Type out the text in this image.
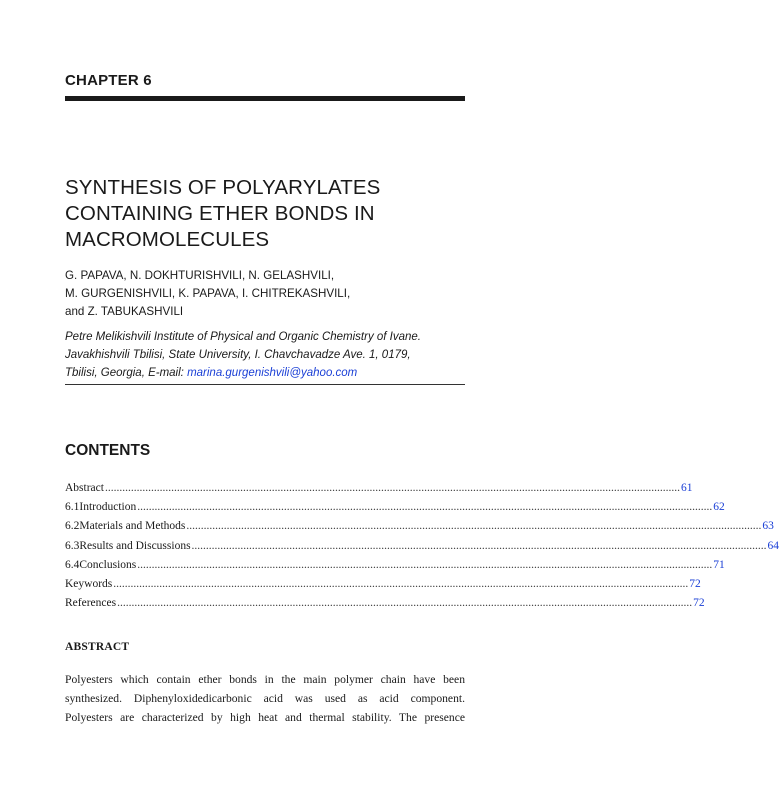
CHAPTER 6
SYNTHESIS OF POLYARYLATES
CONTAINING ETHER BONDS IN
MACROMOLECULES
G. PAPAVA, N. DOKHTURISHVILI, N. GELASHVILI,
M. GURGENISHVILI, K. PAPAVA, I. CHITREKASHVILI,
and Z. TABUKASHVILI
Petre Melikishvili Institute of Physical and Organic Chemistry of Ivane.
Javakhishvili Tbilisi, State University, I. Chavchavadze Ave. 1, 0179,
Tbilisi, Georgia, E-mail: marina.gurgenishvili@yahoo.com
CONTENTS
Abstract ........................................................................................................................................................................................................ 61
6.1 Introduction ........................................................................................................................................................................................................ 62
6.2 Materials and Methods ........................................................................................................................................................................................................ 63
6.3 Results and Discussions ........................................................................................................................................................................................................ 64
6.4 Conclusions ........................................................................................................................................................................................................ 71
Keywords ........................................................................................................................................................................................................ 72
References ........................................................................................................................................................................................................ 72
ABSTRACT
Polyesters which contain ether bonds in the main polymer chain have been
synthesized. Diphenyloxidedicarbonic acid was used as acid component.
Polyesters are characterized by high heat and thermal stability. The presence
